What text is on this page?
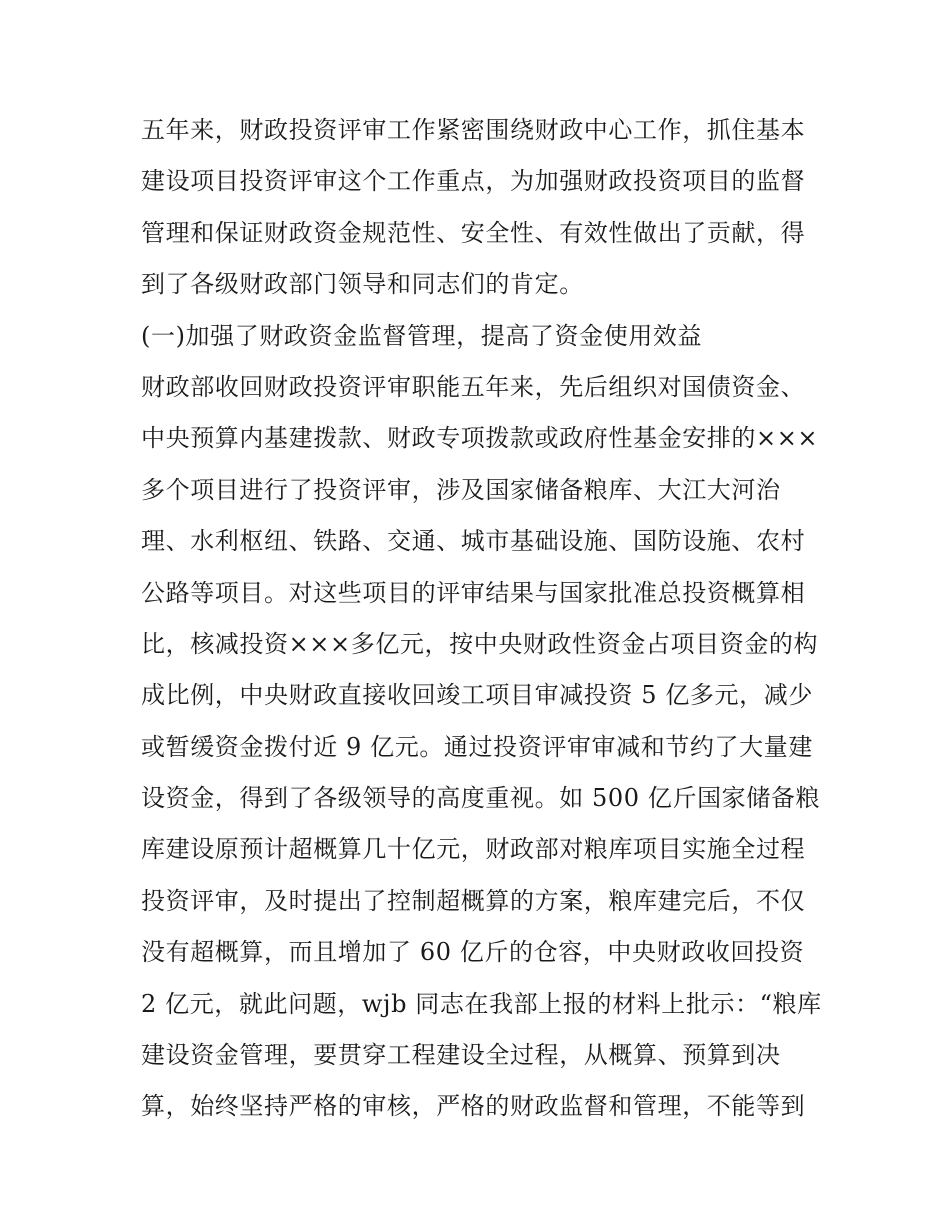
五年来，财政投资评审工作紧密围绕财政中心工作，抓住基本
建设项目投资评审这个工作重点，为加强财政投资项目的监督
管理和保证财政资金规范性、安全性、有效性做出了贡献，得
到了各级财政部门领导和同志们的肯定。
(一)加强了财政资金监督管理，提高了资金使用效益
财政部收回财政投资评审职能五年来，先后组织对国债资金、
中央预算内基建拨款、财政专项拨款或政府性基金安排的×××
多个项目进行了投资评审，涉及国家储备粮库、大江大河治
理、水利枢纽、铁路、交通、城市基础设施、国防设施、农村
公路等项目。对这些项目的评审结果与国家批准总投资概算相
比，核减投资×××多亿元，按中央财政性资金占项目资金的构
成比例，中央财政直接收回竣工项目审减投资 5 亿多元，减少
或暂缓资金拨付近 9 亿元。通过投资评审审减和节约了大量建
设资金，得到了各级领导的高度重视。如 500 亿斤国家储备粮
库建设原预计超概算几十亿元，财政部对粮库项目实施全过程
投资评审，及时提出了控制超概算的方案，粮库建完后，不仅
没有超概算，而且增加了 60 亿斤的仓容，中央财政收回投资
2 亿元，就此问题，wjb 同志在我部上报的材料上批示：“粮库
建设资金管理，要贯穿工程建设全过程，从概算、预算到决
算，始终坚持严格的审核，严格的财政监督和管理，不能等到
